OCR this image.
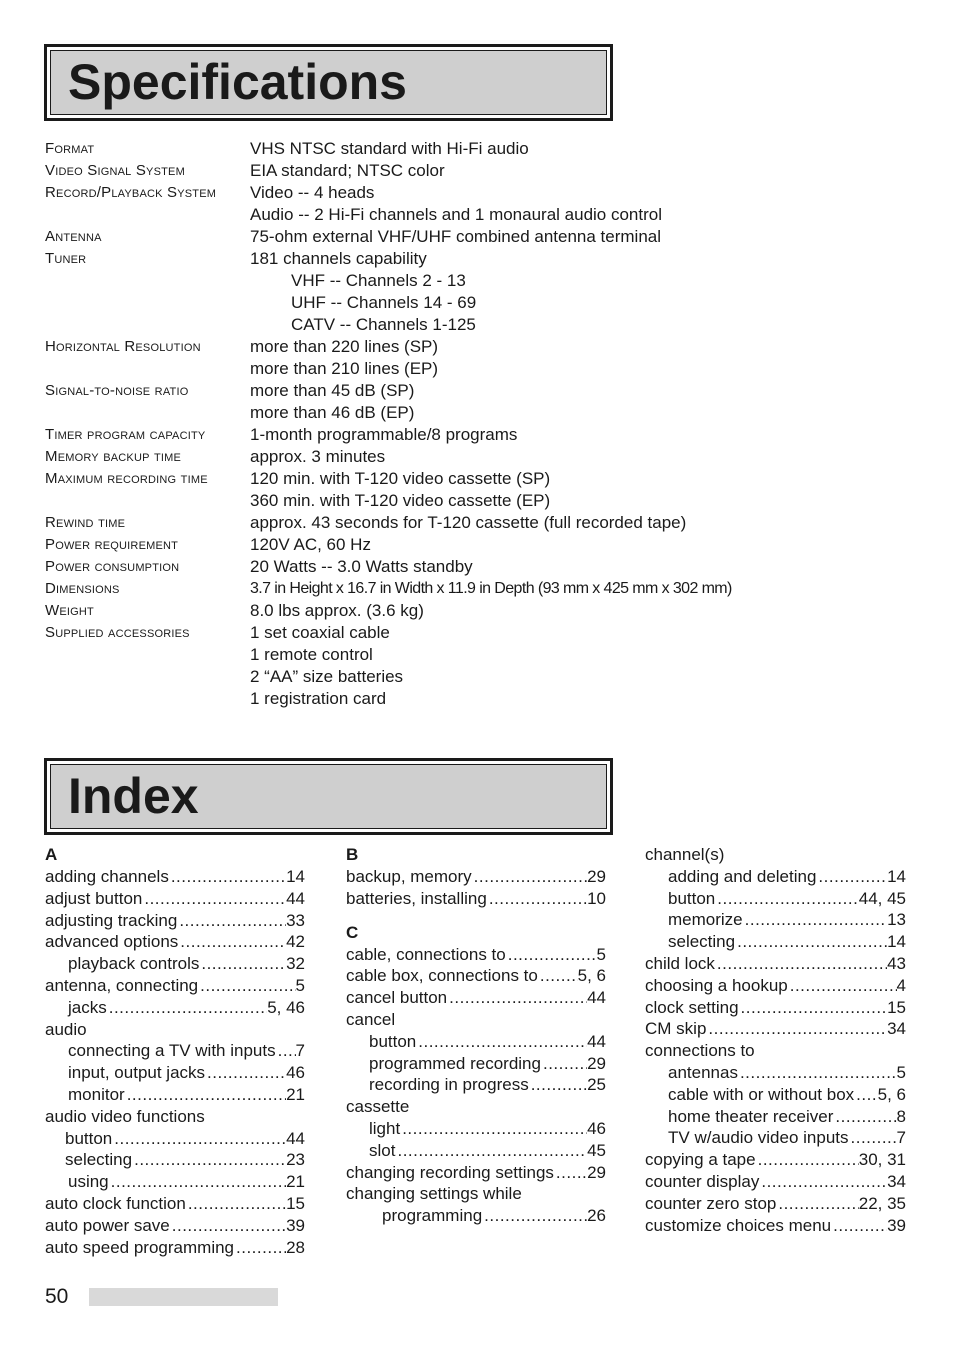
Specifications
Format	VHS NTSC standard with Hi-Fi audio
Video Signal System	EIA standard; NTSC color
Record/Playback System	Video -- 4 heads
Audio -- 2 Hi-Fi channels and 1 monaural audio control
Antenna	75-ohm external VHF/UHF combined antenna terminal
Tuner	181 channels capability
VHF -- Channels 2 - 13
UHF -- Channels 14 - 69
CATV -- Channels 1-125
Horizontal Resolution	more than 220 lines (SP)
more than 210 lines (EP)
Signal-to-noise ratio	more than 45 dB (SP)
more than 46 dB (EP)
Timer program capacity	1-month programmable/8 programs
Memory backup time	approx. 3 minutes
Maximum recording time	120 min. with T-120 video cassette (SP)
360 min. with T-120 video cassette (EP)
Rewind time	approx. 43 seconds for T-120 cassette (full recorded tape)
Power requirement	120V AC, 60 Hz
Power consumption	20 Watts -- 3.0 Watts standby
Dimensions	3.7 in Height x 16.7 in Width x 11.9 in Depth (93 mm x 425 mm x 302 mm)
Weight	8.0 lbs approx. (3.6 kg)
Supplied accessories	1 set coaxial cable
1 remote control
2 “AA” size batteries
1 registration card
Index
A
adding channels .....	14
adjust button .....	44
adjusting tracking .....	33
advanced options .....	42
playback controls .....	32
antenna, connecting .....	5
jacks .....	5, 46
audio
connecting a TV with inputs ..... 7
input, output jacks .....	46
monitor .....	21
audio video functions
button .....	44
selecting .....	23
using .....	21
auto clock function .....	15
auto power save .....	39
auto speed programming .....	28
B
backup, memory .....	29
batteries, installing .....	10
C
cable, connections to .....	5
cable box, connections to ..... 5, 6
cancel button .....	44
cancel
button .....	44
programmed recording .....	29
recording in progress .....	25
cassette
light .....	46
slot .....	45
changing recording settings ..... 29
changing settings while
programming .....	26
channel(s)
adding and deleting .....	14
button .....	44, 45
memorize .....	13
selecting .....	14
child lock .....	43
choosing a hookup .....	4
clock setting .....	15
CM skip .....	34
connections to
antennas .....	5
cable with or without box ..... 5, 6
home theater receiver .....	8
TV w/audio video inputs .....	7
copying a tape .....	30, 31
counter display .....	34
counter zero stop .....	22, 35
customize choices menu .....	39
50
